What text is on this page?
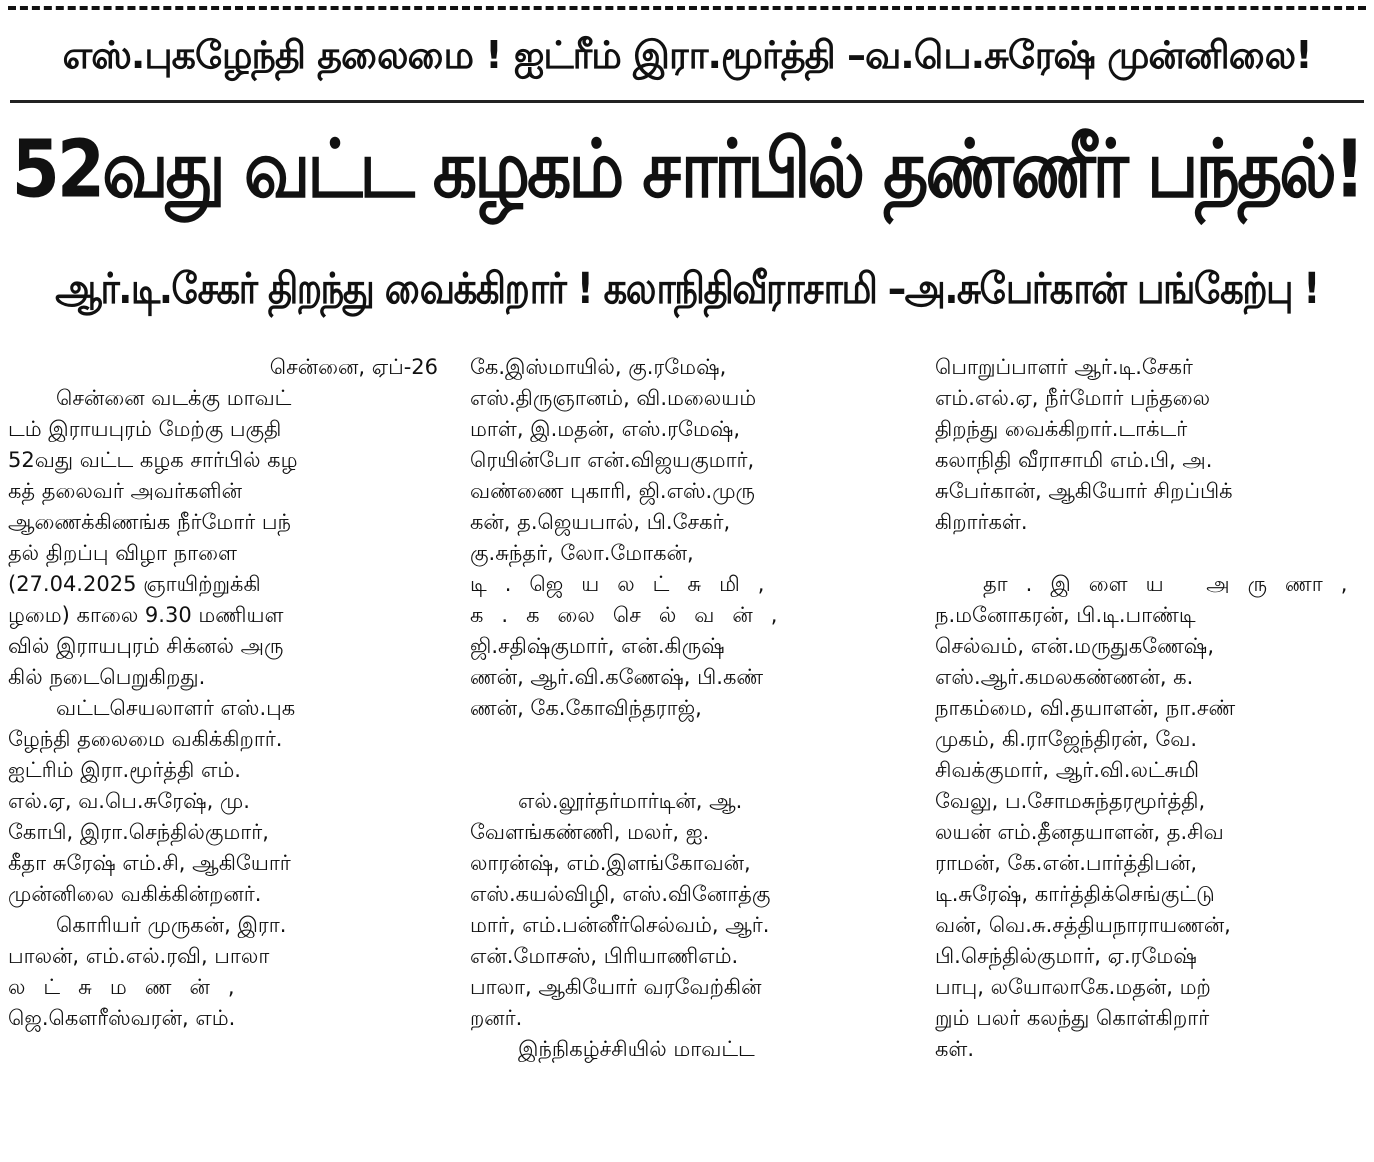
எஸ்.புகழேந்தி தலைமை ! ஐட்ரீம் இரா.மூர்த்தி –வ.பெ.சுரேஷ் முன்னிலை!
52வது வட்ட கழகம் சார்பில் தண்ணீர் பந்தல்!
ஆர்.டி.சேகர் திறந்து வைக்கிறார் ! கலாநிதிவீராசாமி –அ.சுபேர்கான் பங்கேற்பு !
சென்னை, ஏப்-26
சென்னை வடக்கு மாவட்
டம் இராயபுரம் மேற்கு பகுதி
52வது வட்ட கழக சார்பில் கழ
கத் தலைவர் அவர்களின்
ஆணைக்கிணங்க நீர்மோர் பந்
தல் திறப்பு விழா நாளை
(27.04.2025 ஞாயிற்றுக்கி
ழமை) காலை 9.30 மணியள
வில் இராயபுரம் சிக்னல் அரு
கில் நடைபெறுகிறது.
வட்டசெயலாளர் எஸ்.புக
ழேந்தி தலைமை வகிக்கிறார்.
ஐட்ரிம் இரா.மூர்த்தி எம்.
எல்.ஏ, வ.பெ.சுரேஷ், மு.
கோபி, இரா.செந்தில்குமார்,
கீதா சுரேஷ் எம்.சி, ஆகியோர்
முன்னிலை வகிக்கின்றனர்.
கொரியர் முருகன், இரா.
பாலன், எம்.எல்.ரவி, பாலா
லட்சுமணன்,
ஜெ.கௌரீஸ்வரன், எம்.
கே.இஸ்மாயில், கு.ரமேஷ்,
எஸ்.திருஞானம், வி.மலையம்
மாள், இ.மதன், எஸ்.ரமேஷ்,
ரெயின்போ என்.விஜயகுமார்,
வண்ணை புகாரி, ஜி.எஸ்.முரு
கன், த.ஜெயபால், பி.சேகர்,
கு.சுந்தர், லோ.மோகன்,
டி.ஜெயலட்சுமி,
க.கலைசெல்வன்,
ஜி.சதிஷ்குமார், என்.கிருஷ்
ணன், ஆர்.வி.கணேஷ், பி.கண்
ணன், கே.கோவிந்தராஜ்,
எல்.லூர்தர்மார்டின், ஆ.
வேளங்கண்ணி, மலர், ஐ.
லாரன்ஷ், எம்.இளங்கோவன்,
எஸ்.கயல்விழி, எஸ்.வினோத்கு
மார், எம்.பன்னீர்செல்வம், ஆர்.
என்.மோசஸ், பிரியாணிஎம்.
பாலா, ஆகியோர் வரவேற்கின்
றனர்.
இந்நிகழ்ச்சியில் மாவட்ட
பொறுப்பாளர் ஆர்.டி.சேகர்
எம்.எல்.ஏ, நீர்மோர் பந்தலை
திறந்து வைக்கிறார்.டாக்டர்
கலாநிதி வீராசாமி எம்.பி, அ.
சுபேர்கான், ஆகியோர் சிறப்பிக்
கிறார்கள்.
தா.இளைய அருணா,
ந.மனோகரன், பி.டி.பாண்டி
செல்வம், என்.மருதுகணேஷ்,
எஸ்.ஆர்.கமலகண்ணன், க.
நாகம்மை, வி.தயாளன், நா.சண்
முகம், கி.ராஜேந்திரன், வே.
சிவக்குமார், ஆர்.வி.லட்சுமி
வேலு, ப.சோமசுந்தரமூர்த்தி,
லயன் எம்.தீனதயாளன், த.சிவ
ராமன், கே.என்.பார்த்திபன்,
டி.சுரேஷ், கார்த்திக்செங்குட்டு
வன், வெ.சு.சத்தியநாராயணன்,
பி.செந்தில்குமார், ஏ.ரமேஷ்
பாபு, லயோலாகே.மதன், மற்
றும் பலர் கலந்து கொள்கிறார்
கள்.
